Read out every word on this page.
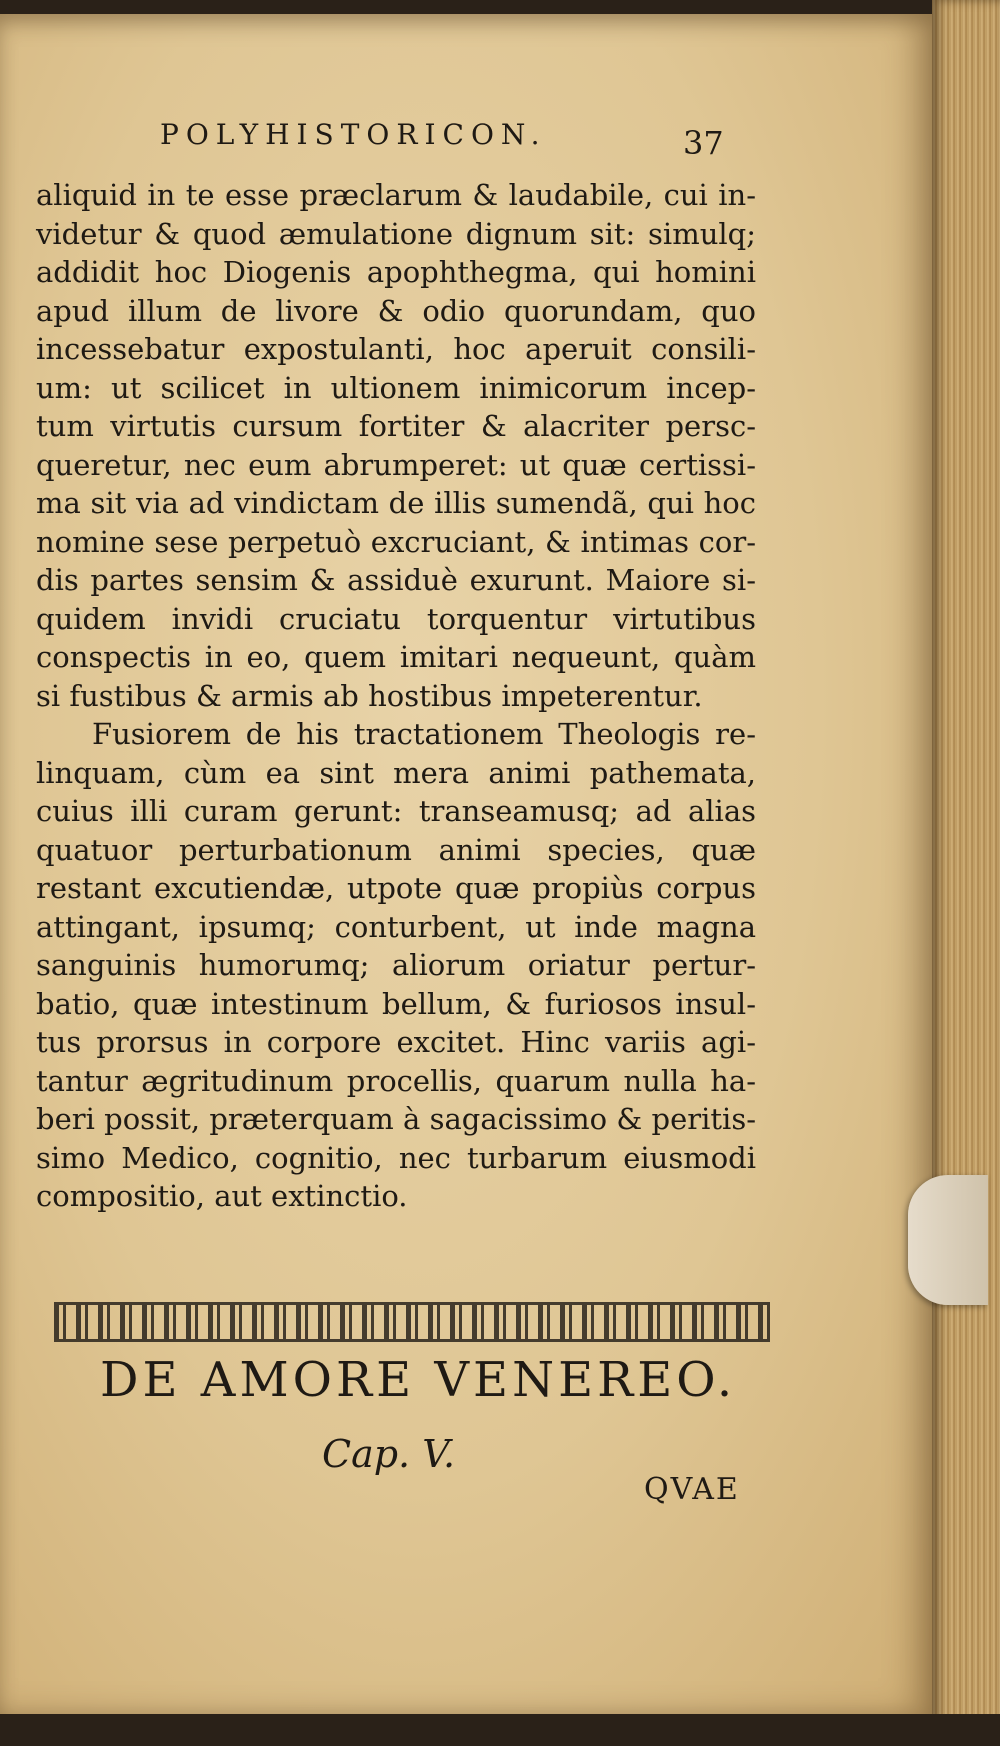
POLYHISTORICON.	37
aliquid in te esse præclarum & laudabile, cui in-
videtur & quod æmulatione dignum sit: simulq;
addidit hoc Diogenis apophthegma, qui homini
apud illum de livore & odio quorundam, quo
incessebatur expostulanti, hoc aperuit consili-
um: ut scilicet in ultionem inimicorum incep-
tum virtutis cursum fortiter & alacriter persc-
queretur, nec eum abrumperet: ut quæ certissi-
ma sit via ad vindictam de illis sumendã, qui hoc
nomine sese perpetuò excruciant, & intimas cor-
dis partes sensim & assiduè exurunt. Maiore si-
quidem invidi cruciatu torquentur virtutibus
conspectis in eo, quem imitari nequeunt, quàm
si fustibus & armis ab hostibus impeterentur.
Fusiorem de his tractationem Theologis re-
linquam, cùm ea sint mera animi pathemata,
cuius illi curam gerunt: transeamusq; ad alias
quatuor perturbationum animi species, quæ
restant excutiendæ, utpote quæ propiùs corpus
attingant, ipsumq; conturbent, ut inde magna
sanguinis humorumq; aliorum oriatur pertur-
batio, quæ intestinum bellum, & furiosos insul-
tus prorsus in corpore excitet. Hinc variis agi-
tantur ægritudinum procellis, quarum nulla ha-
beri possit, præterquam à sagacissimo & peritis-
simo Medico, cognitio, nec turbarum eiusmodi
compositio, aut extinctio.
DE AMORE VENEREO.
Cap. V.
QVAE
